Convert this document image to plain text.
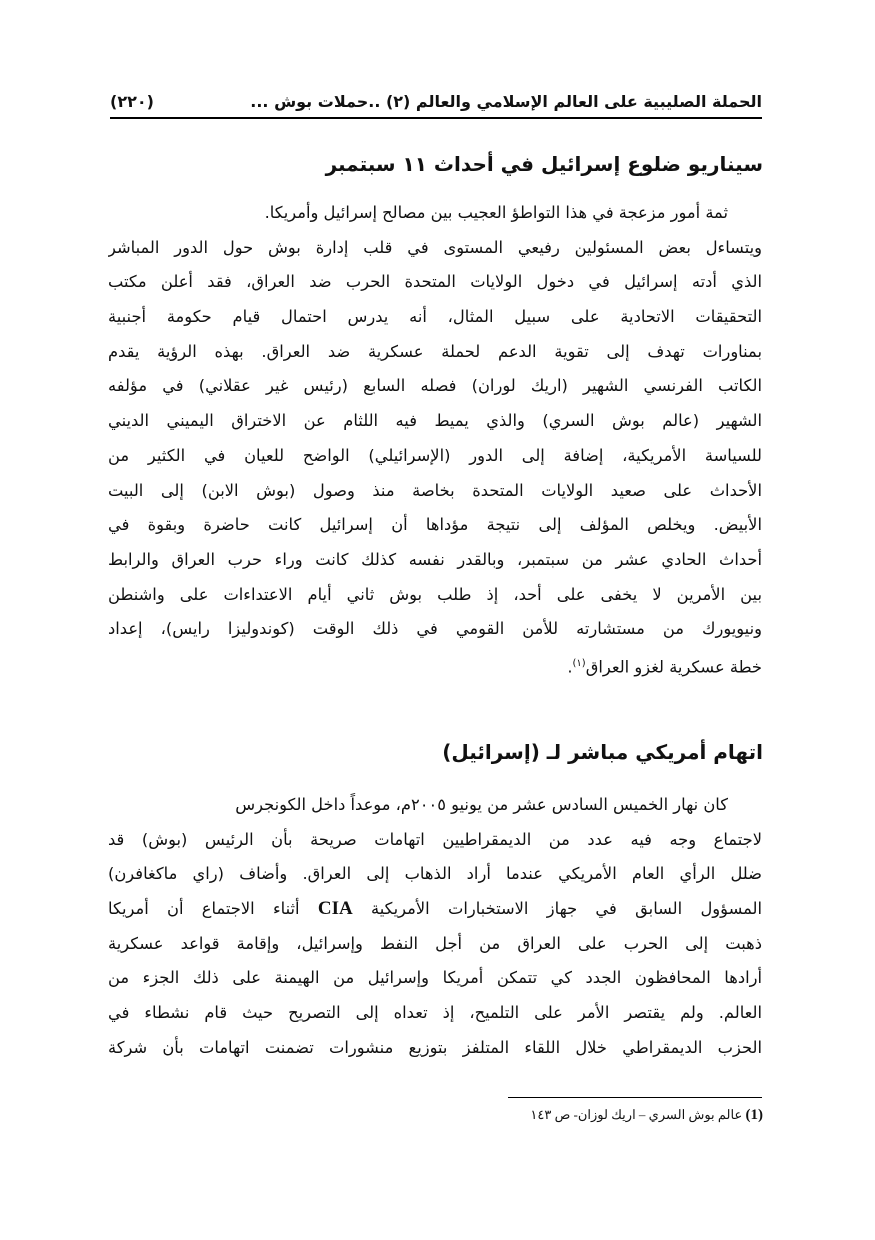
الحملة الصليبية على العالم الإسلامي والعالم (٢) ..حملات بوش ...
(٢٢٠)
سيناريو ضلوع إسرائيل في أحداث ١١ سبتمبر
ثمة أمور مزعجة في هذا التواطؤ العجيب بين مصالح إسرائيل وأمريكا.
ويتساءل بعض المسئولين رفيعي المستوى في قلب إدارة بوش حول الدور المباشر
الذي أدته إسرائيل في دخول الولايات المتحدة الحرب ضد العراق، فقد أعلن مكتب
التحقيقات الاتحادية على سبيل المثال، أنه يدرس احتمال قيام حكومة أجنبية
بمناورات تهدف إلى تقوية الدعم لحملة عسكرية ضد العراق. بهذه الرؤية يقدم
الكاتب الفرنسي الشهير (اريك لوران) فصله السابع (رئيس غير عقلاني) في مؤلفه
الشهير (عالم بوش السري) والذي يميط فيه اللثام عن الاختراق اليميني الديني
للسياسة الأمريكية، إضافة إلى الدور (الإسرائيلي) الواضح للعيان في الكثير من
الأحداث على صعيد الولايات المتحدة بخاصة منذ وصول (بوش الابن) إلى البيت
الأبيض. ويخلص المؤلف إلى نتيجة مؤداها أن إسرائيل كانت حاضرة وبقوة في
أحداث الحادي عشر من سبتمبر، وبالقدر نفسه كذلك كانت وراء حرب العراق والرابط
بين الأمرين لا يخفى على أحد، إذ طلب بوش ثاني أيام الاعتداءات على واشنطن
ونيويورك من مستشارته للأمن القومي في ذلك الوقت (كوندوليزا رايس)، إعداد
خطة عسكرية لغزو العراق$^{(١)}$.
اتهام أمريكي مباشر لـ (إسرائيل)
كان نهار الخميس السادس عشر من يونيو ٢٠٠٥م، موعداً داخل الكونجرس
لاجتماع وجه فيه عدد من الديمقراطيين اتهامات صريحة بأن الرئيس (بوش) قد
ضلل الرأي العام الأمريكي عندما أراد الذهاب إلى العراق. وأضاف (راي ماكغافرن)
المسؤول السابق في جهاز الاستخبارات الأمريكية CIA أثناء الاجتماع أن أمريكا
ذهبت إلى الحرب على العراق من أجل النفط وإسرائيل، وإقامة قواعد عسكرية
أرادها المحافظون الجدد كي تتمكن أمريكا وإسرائيل من الهيمنة على ذلك الجزء من
العالم. ولم يقتصر الأمر على التلميح، إذ تعداه إلى التصريح حيث قام نشطاء في
الحزب الديمقراطي خلال اللقاء المتلفز بتوزيع منشورات تضمنت اتهامات بأن شركة
(1) عالم بوش السري – اريك لوزان- ص ١٤٣
